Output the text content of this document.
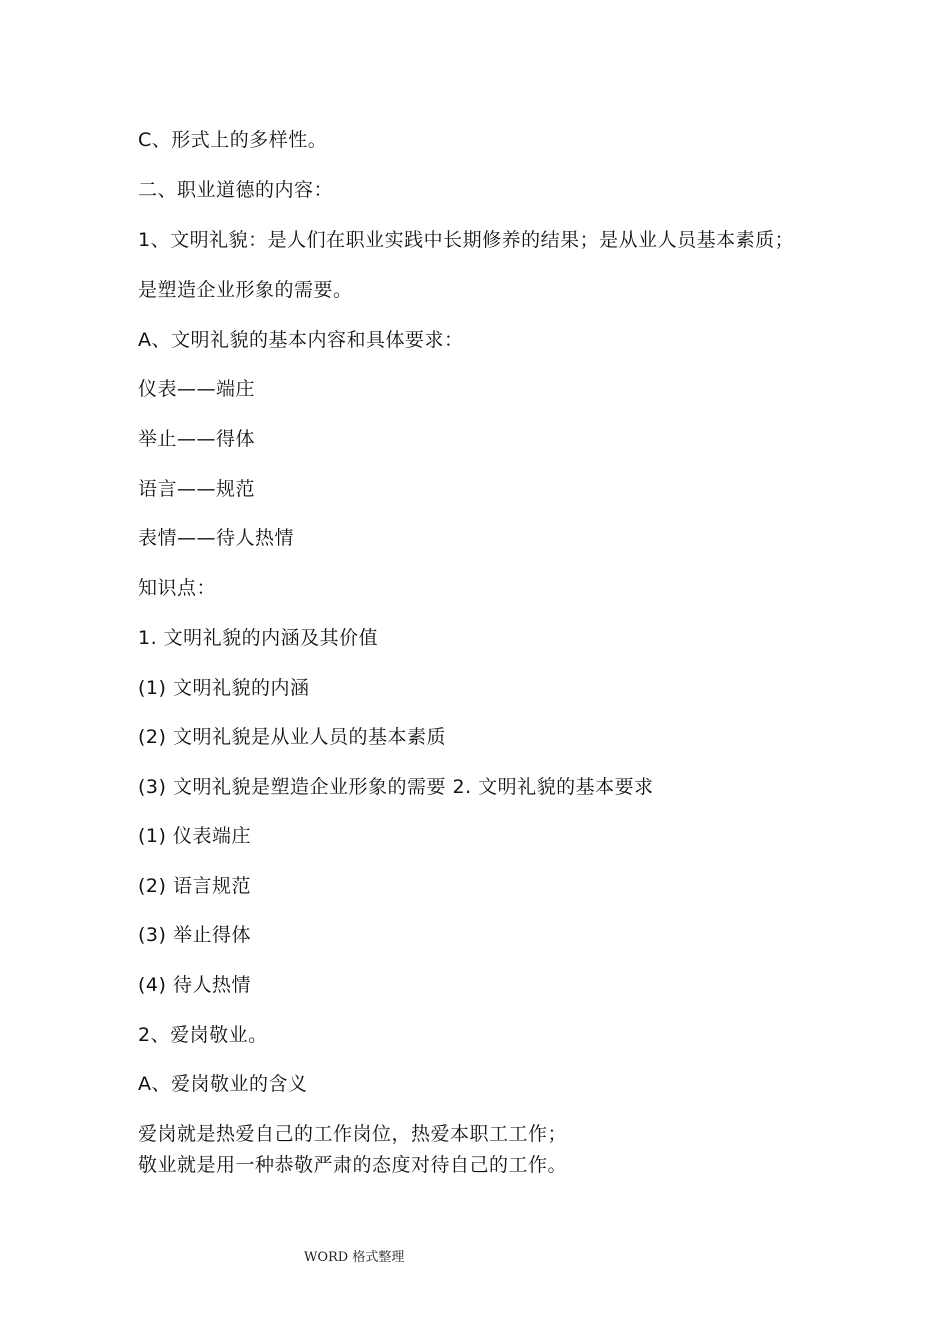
C、形式上的多样性。
二、职业道德的内容：
1、文明礼貌：是人们在职业实践中长期修养的结果；是从业人员基本素质；
是塑造企业形象的需要。
A、文明礼貌的基本内容和具体要求：
仪表——端庄
举止——得体
语言——规范
表情——待人热情
知识点：
1. 文明礼貌的内涵及其价值
(1) 文明礼貌的内涵
(2) 文明礼貌是从业人员的基本素质
(3) 文明礼貌是塑造企业形象的需要 2. 文明礼貌的基本要求
(1) 仪表端庄
(2) 语言规范
(3) 举止得体
(4) 待人热情
2、爱岗敬业。
A、爱岗敬业的含义
爱岗就是热爱自己的工作岗位，热爱本职工工作；
敬业就是用一种恭敬严肃的态度对待自己的工作。
WORD 格式整理
